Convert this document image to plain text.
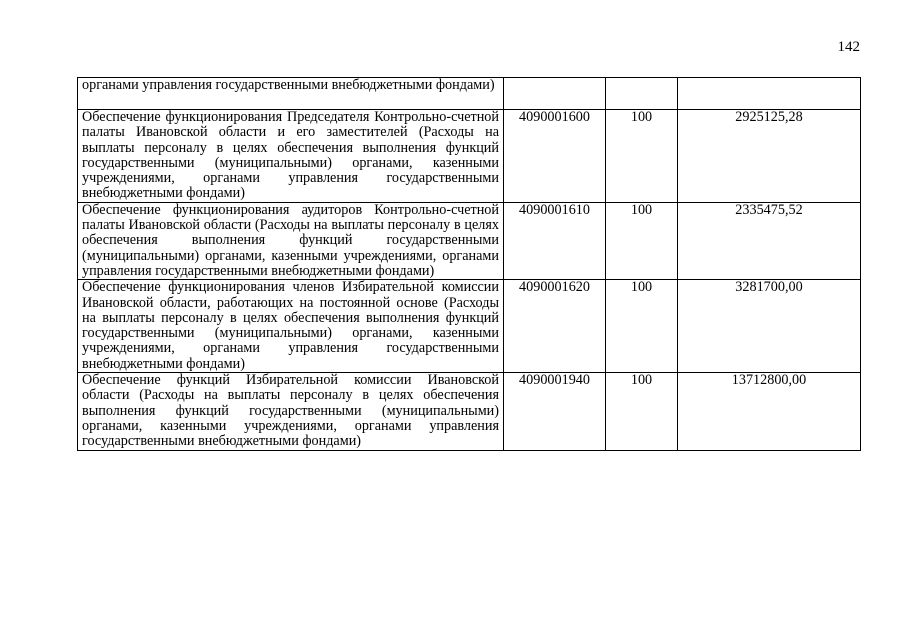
142
органами управления государственными внебюджетными фондами)			
Обеспечение функционирования Председателя Контрольно-счетной палаты Ивановской области и его заместителей (Расходы на выплаты персоналу в целях обеспечения выполнения функций государственными (муниципальными) органами, казенными учреждениями, органами управления государственными внебюджетными фондами)	4090001600	100	2925125,28
Обеспечение функционирования аудиторов Контрольно-счетной палаты Ивановской области (Расходы на выплаты персоналу в целях обеспечения выполнения функций государственными (муниципальными) органами, казенными учреждениями, органами управления государственными внебюджетными фондами)	4090001610	100	2335475,52
Обеспечение функционирования членов Избирательной комиссии Ивановской области, работающих на постоянной основе (Расходы на выплаты персоналу в целях обеспечения выполнения функций государственными (муниципальными) органами, казенными учреждениями, органами управления государственными внебюджетными фондами)	4090001620	100	3281700,00
Обеспечение функций Избирательной комиссии Ивановской области (Расходы на выплаты персоналу в целях обеспечения выполнения функций государственными (муниципальными) органами, казенными учреждениями, органами управления государственными внебюджетными фондами)	4090001940	100	13712800,00
